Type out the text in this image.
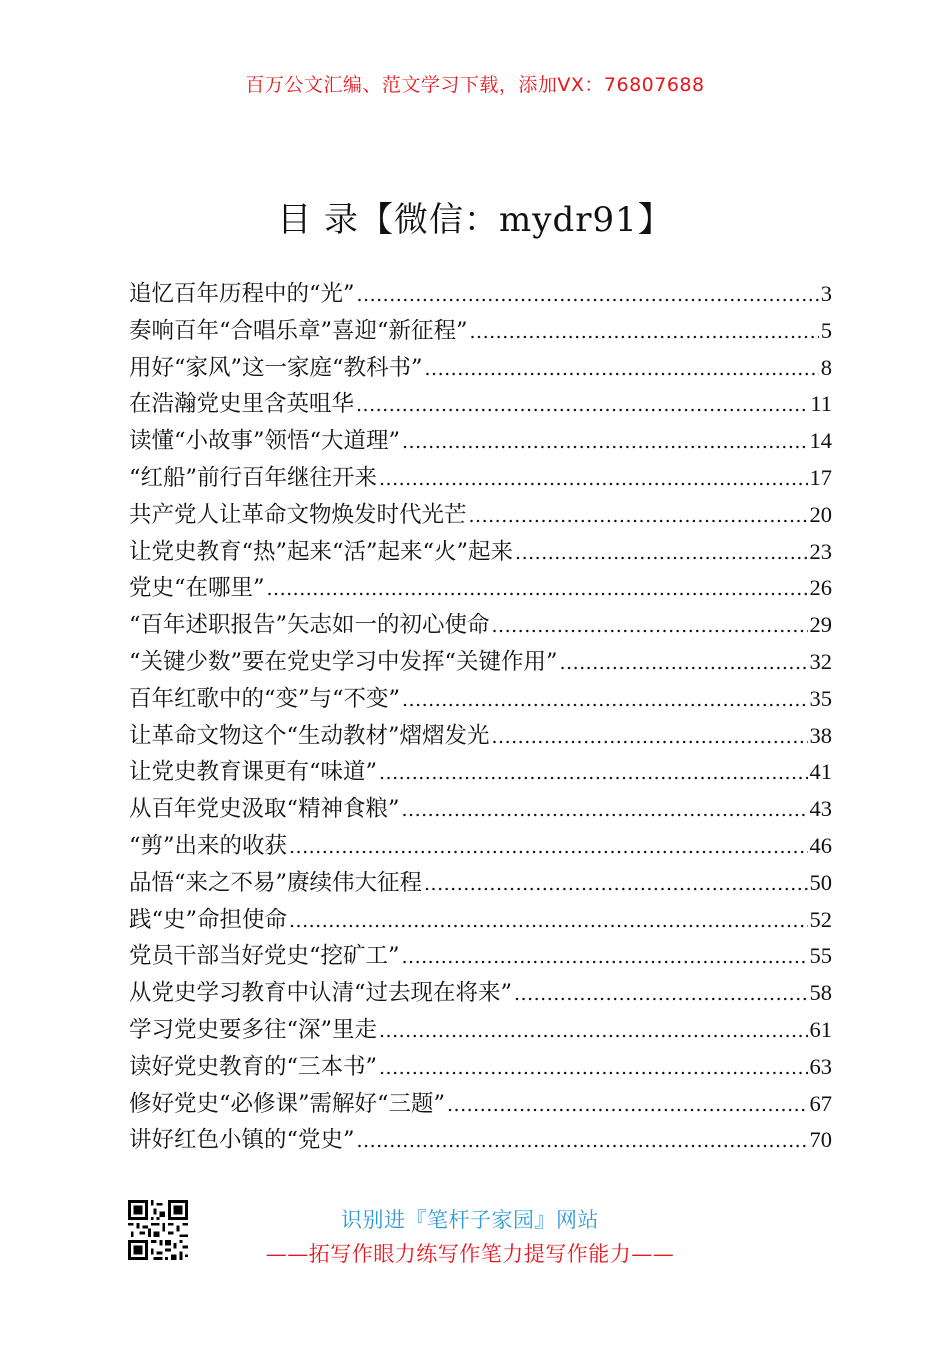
百万公文汇编、范文学习下载，添加VX：76807688
目 录【微信：mydr91】
追忆百年历程中的“光” .....	3
奏响百年“合唱乐章”喜迎“新征程” .....	5
用好“家风”这一家庭“教科书” .....	8
在浩瀚党史里含英咀华 .....	11
读懂“小故事”领悟“大道理” .....	14
“红船”前行百年继往开来 .....	17
共产党人让革命文物焕发时代光芒 .....	20
让党史教育“热”起来“活”起来“火”起来 .....	23
党史“在哪里” .....	26
“百年述职报告”矢志如一的初心使命 .....	29
“关键少数”要在党史学习中发挥“关键作用” .....	32
百年红歌中的“变”与“不变” .....	35
让革命文物这个“生动教材”熠熠发光 .....	38
让党史教育课更有“味道” .....	41
从百年党史汲取“精神食粮” .....	43
“剪”出来的收获 .....	46
品悟“来之不易”赓续伟大征程 .....	50
践“史”命担使命 .....	52
党员干部当好党史“挖矿工” .....	55
从党史学习教育中认清“过去现在将来” .....	58
学习党史要多往“深”里走 .....	61
读好党史教育的“三本书” .....	63
修好党史“必修课”需解好“三题” .....	67
讲好红色小镇的“党史” .....	70
识别进『笔杆子家园』网站
——拓写作眼力练写作笔力提写作能力——
